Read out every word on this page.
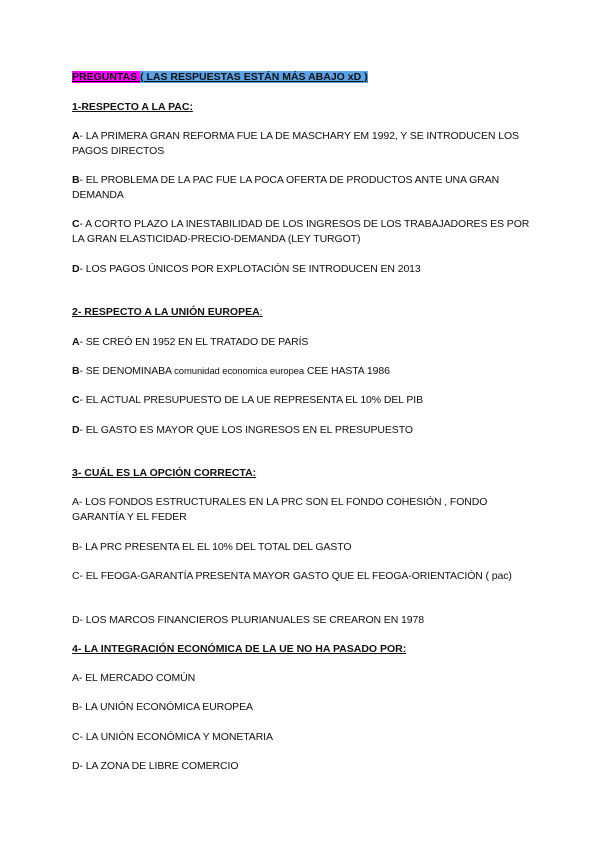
PREGUNTAS ( LAS RESPUESTAS ESTÁN MÁS ABAJO xD )
1-RESPECTO A LA PAC:
A- LA PRIMERA GRAN REFORMA FUE LA DE MASCHARY EM 1992, Y SE INTRODUCEN LOS PAGOS DIRECTOS
B- EL PROBLEMA DE LA PAC FUE LA POCA OFERTA DE PRODUCTOS ANTE UNA GRAN DEMANDA
C- A CORTO PLAZO LA INESTABILIDAD DE LOS INGRESOS DE LOS TRABAJADORES ES POR LA GRAN ELASTICIDAD-PRECIO-DEMANDA (LEY TURGOT)
D- LOS PAGOS ÚNICOS POR EXPLOTACIÓN SE INTRODUCEN EN 2013
2- RESPECTO A LA UNIÓN EUROPEA:
A- SE CREÓ EN 1952 EN EL TRATADO DE PARÍS
B- SE DENOMINABA comunidad economica europea CEE HASTA 1986
C- EL ACTUAL PRESUPUESTO DE LA UE REPRESENTA EL 10% DEL PIB
D- EL GASTO ES MAYOR QUE LOS INGRESOS EN EL PRESUPUESTO
3- CUÁL ES LA OPCIÓN CORRECTA:
A- LOS FONDOS ESTRUCTURALES EN LA PRC SON EL FONDO COHESIÓN , FONDO GARANTÍA Y EL FEDER
B- LA PRC PRESENTA EL EL 10% DEL TOTAL DEL GASTO
C- EL FEOGA-GARANTÍA PRESENTA MAYOR GASTO QUE EL FEOGA-ORIENTACIÓN ( pac)
D- LOS MARCOS FINANCIEROS PLURIANUALES SE CREARON EN 1978
4- LA INTEGRACIÓN ECONÓMICA DE LA UE NO HA PASADO POR:
A- EL MERCADO COMÚN
B- LA UNIÓN ECONÓMICA EUROPEA
C- LA UNIÓN ECONÓMICA Y MONETARIA
D- LA ZONA DE LIBRE COMERCIO
